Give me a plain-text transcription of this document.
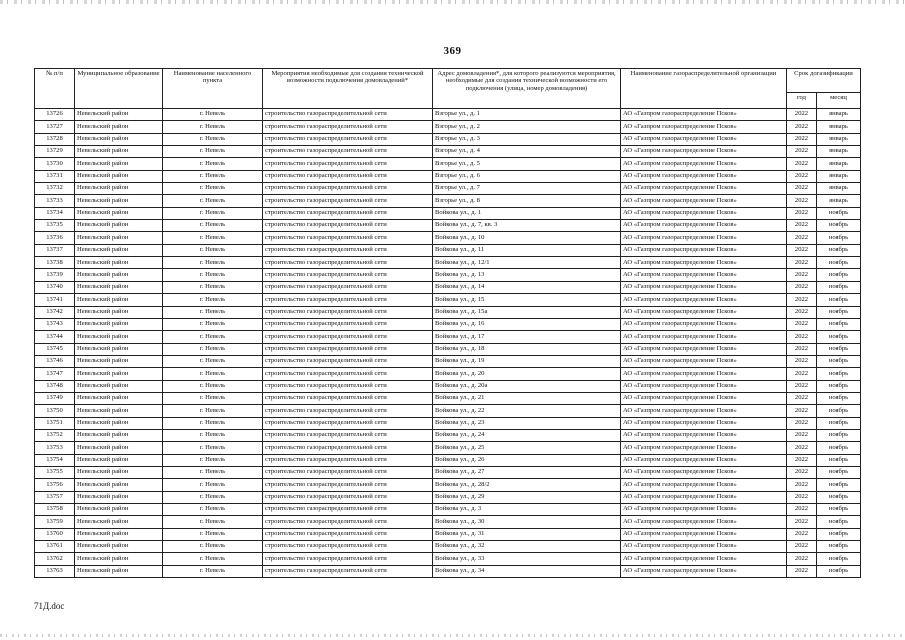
369
№ п/п	Муниципальное образование	Наименование населенного пункта	Мероприятия необходимые для создания технической возможности подключения домовладений*	Адрес домовладения*, для которого реализуются мероприятия, необходимые для создания технической возможности его подключения (улица, номер домовладения)	Наименование газораспределительной организации	Срок догазификации	
						год	месяц
13726	Невельский район	г. Невель	строительство газораспределительной сети	Взгорье ул., д. 1	АО «Газпром газораспределение Псков»	2022	январь
13727	Невельский район	г. Невель	строительство газораспределительной сети	Взгорье ул., д. 2	АО «Газпром газораспределение Псков»	2022	январь
13728	Невельский район	г. Невель	строительство газораспределительной сети	Взгорье ул., д. 3	АО «Газпром газораспределение Псков»	2022	январь
13729	Невельский район	г. Невель	строительство газораспределительной сети	Взгорье ул., д. 4	АО «Газпром газораспределение Псков»	2022	январь
13730	Невельский район	г. Невель	строительство газораспределительной сети	Взгорье ул., д. 5	АО «Газпром газораспределение Псков»	2022	январь
13731	Невельский район	г. Невель	строительство газораспределительной сети	Взгорье ул., д. 6	АО «Газпром газораспределение Псков»	2022	январь
13732	Невельский район	г. Невель	строительство газораспределительной сети	Взгорье ул., д. 7	АО «Газпром газораспределение Псков»	2022	январь
13733	Невельский район	г. Невель	строительство газораспределительной сети	Взгорье ул., д. 8	АО «Газпром газораспределение Псков»	2022	январь
13734	Невельский район	г. Невель	строительство газораспределительной сети	Войкова ул., д. 1	АО «Газпром газораспределение Псков»	2022	ноябрь
13735	Невельский район	г. Невель	строительство газораспределительной сети	Войкова ул., д. 7, кв. 3	АО «Газпром газораспределение Псков»	2022	ноябрь
13736	Невельский район	г. Невель	строительство газораспределительной сети	Войкова ул., д. 10	АО «Газпром газораспределение Псков»	2022	ноябрь
13737	Невельский район	г. Невель	строительство газораспределительной сети	Войкова ул., д. 11	АО «Газпром газораспределение Псков»	2022	ноябрь
13738	Невельский район	г. Невель	строительство газораспределительной сети	Войкова ул., д. 12/1	АО «Газпром газораспределение Псков»	2022	ноябрь
13739	Невельский район	г. Невель	строительство газораспределительной сети	Войкова ул., д. 13	АО «Газпром газораспределение Псков»	2022	ноябрь
13740	Невельский район	г. Невель	строительство газораспределительной сети	Войкова ул., д. 14	АО «Газпром газораспределение Псков»	2022	ноябрь
13741	Невельский район	г. Невель	строительство газораспределительной сети	Войкова ул., д. 15	АО «Газпром газораспределение Псков»	2022	ноябрь
13742	Невельский район	г. Невель	строительство газораспределительной сети	Войкова ул., д. 15а	АО «Газпром газораспределение Псков»	2022	ноябрь
13743	Невельский район	г. Невель	строительство газораспределительной сети	Войкова ул., д. 16	АО «Газпром газораспределение Псков»	2022	ноябрь
13744	Невельский район	г. Невель	строительство газораспределительной сети	Войкова ул., д. 17	АО «Газпром газораспределение Псков»	2022	ноябрь
13745	Невельский район	г. Невель	строительство газораспределительной сети	Войкова ул., д. 18	АО «Газпром газораспределение Псков»	2022	ноябрь
13746	Невельский район	г. Невель	строительство газораспределительной сети	Войкова ул., д. 19	АО «Газпром газораспределение Псков»	2022	ноябрь
13747	Невельский район	г. Невель	строительство газораспределительной сети	Войкова ул., д. 20	АО «Газпром газораспределение Псков»	2022	ноябрь
13748	Невельский район	г. Невель	строительство газораспределительной сети	Войкова ул., д. 20а	АО «Газпром газораспределение Псков»	2022	ноябрь
13749	Невельский район	г. Невель	строительство газораспределительной сети	Войкова ул., д. 21	АО «Газпром газораспределение Псков»	2022	ноябрь
13750	Невельский район	г. Невель	строительство газораспределительной сети	Войкова ул., д. 22	АО «Газпром газораспределение Псков»	2022	ноябрь
13751	Невельский район	г. Невель	строительство газораспределительной сети	Войкова ул., д. 23	АО «Газпром газораспределение Псков»	2022	ноябрь
13752	Невельский район	г. Невель	строительство газораспределительной сети	Войкова ул., д. 24	АО «Газпром газораспределение Псков»	2022	ноябрь
13753	Невельский район	г. Невель	строительство газораспределительной сети	Войкова ул., д. 25	АО «Газпром газораспределение Псков»	2022	ноябрь
13754	Невельский район	г. Невель	строительство газораспределительной сети	Войкова ул., д. 26	АО «Газпром газораспределение Псков»	2022	ноябрь
13755	Невельский район	г. Невель	строительство газораспределительной сети	Войкова ул., д. 27	АО «Газпром газораспределение Псков»	2022	ноябрь
13756	Невельский район	г. Невель	строительство газораспределительной сети	Войкова ул., д. 28/2	АО «Газпром газораспределение Псков»	2022	ноябрь
13757	Невельский район	г. Невель	строительство газораспределительной сети	Войкова ул., д. 29	АО «Газпром газораспределение Псков»	2022	ноябрь
13758	Невельский район	г. Невель	строительство газораспределительной сети	Войкова ул., д. 3	АО «Газпром газораспределение Псков»	2022	ноябрь
13759	Невельский район	г. Невель	строительство газораспределительной сети	Войкова ул., д. 30	АО «Газпром газораспределение Псков»	2022	ноябрь
13760	Невельский район	г. Невель	строительство газораспределительной сети	Войкова ул., д. 31	АО «Газпром газораспределение Псков»	2022	ноябрь
13761	Невельский район	г. Невель	строительство газораспределительной сети	Войкова ул., д. 32	АО «Газпром газораспределение Псков»	2022	ноябрь
13762	Невельский район	г. Невель	строительство газораспределительной сети	Войкова ул., д. 33	АО «Газпром газораспределение Псков»	2022	ноябрь
13763	Невельский район	г. Невель	строительство газораспределительной сети	Войкова ул., д. 34	АО «Газпром газораспределение Псков»	2022	ноябрь
71Д.doc
